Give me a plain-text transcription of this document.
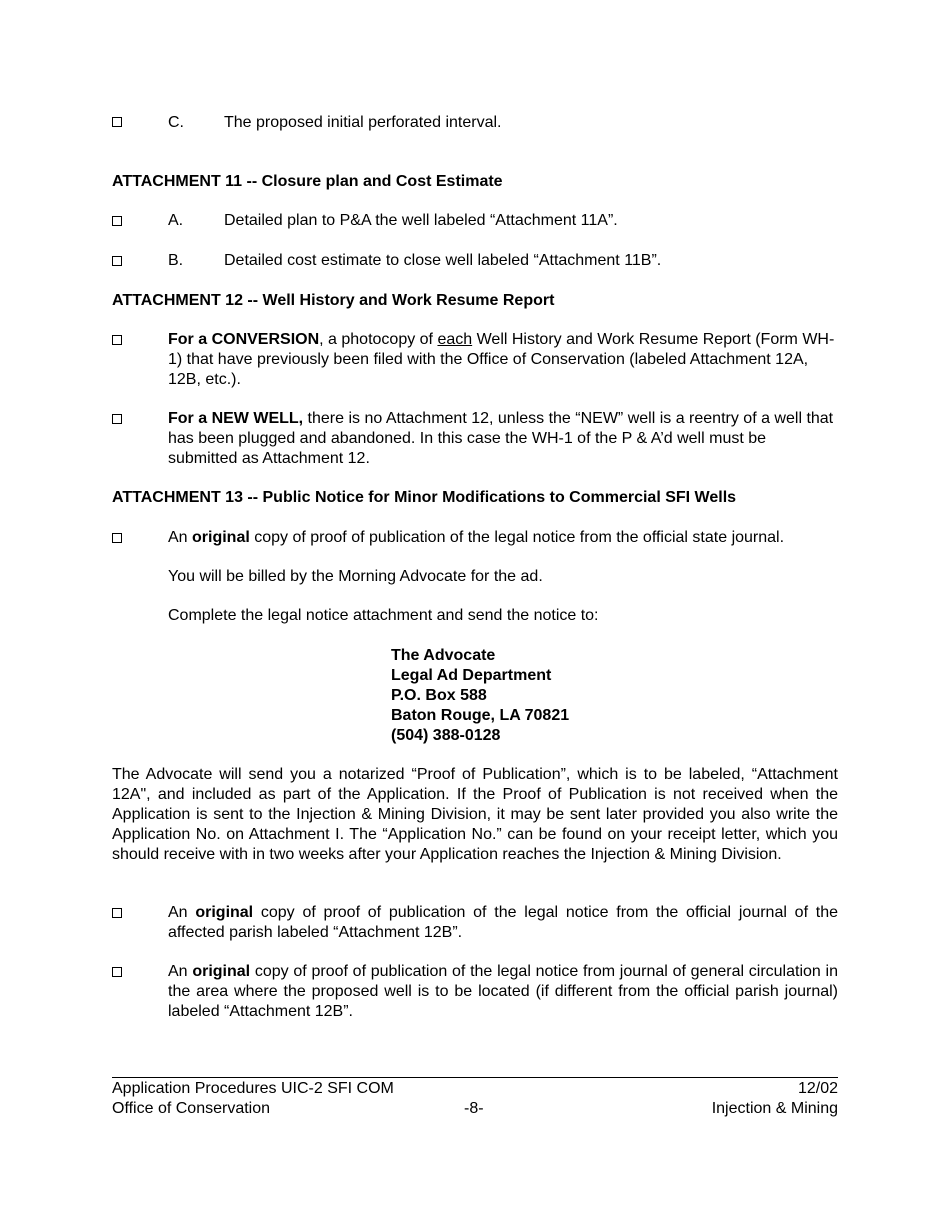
C.	The proposed initial perforated interval.
ATTACHMENT 11 -- Closure plan and Cost Estimate
A.	Detailed plan to P&A the well labeled “Attachment 11A”.
B.	Detailed cost estimate to close well labeled “Attachment 11B”.
ATTACHMENT 12 -- Well History and Work Resume Report
For a CONVERSION, a photocopy of each Well History and Work Resume Report (Form WH-1) that have previously been filed with the Office of Conservation (labeled Attachment 12A, 12B, etc.).
For a NEW WELL, there is no Attachment 12, unless the “NEW” well is a reentry of a well that has been plugged and abandoned. In this case the WH-1 of the P & A’d well must be submitted as Attachment 12.
ATTACHMENT 13 -- Public Notice for Minor Modifications to Commercial SFI Wells
An original copy of proof of publication of the legal notice from the official state journal.
You will be billed by the Morning Advocate for the ad.
Complete the legal notice attachment and send the notice to:
The Advocate
Legal Ad Department
P.O. Box 588
Baton Rouge, LA 70821
(504) 388-0128
The Advocate will send you a notarized “Proof of Publication”, which is to be labeled, “Attachment 12A", and included as part of the Application. If the Proof of Publication is not received when the Application is sent to the Injection & Mining Division, it may be sent later provided you also write the Application No. on Attachment I. The “Application No.” can be found on your receipt letter, which you should receive with in two weeks after your Application reaches the Injection & Mining Division.
An original copy of proof of publication of the legal notice from the official journal of the affected parish labeled “Attachment 12B”.
An original copy of proof of publication of the legal notice from journal of general circulation in the area where the proposed well is to be located (if different from the official parish journal) labeled “Attachment 12B”.
Application Procedures UIC-2 SFI COM	12/02
Office of Conservation	-8-	Injection & Mining
